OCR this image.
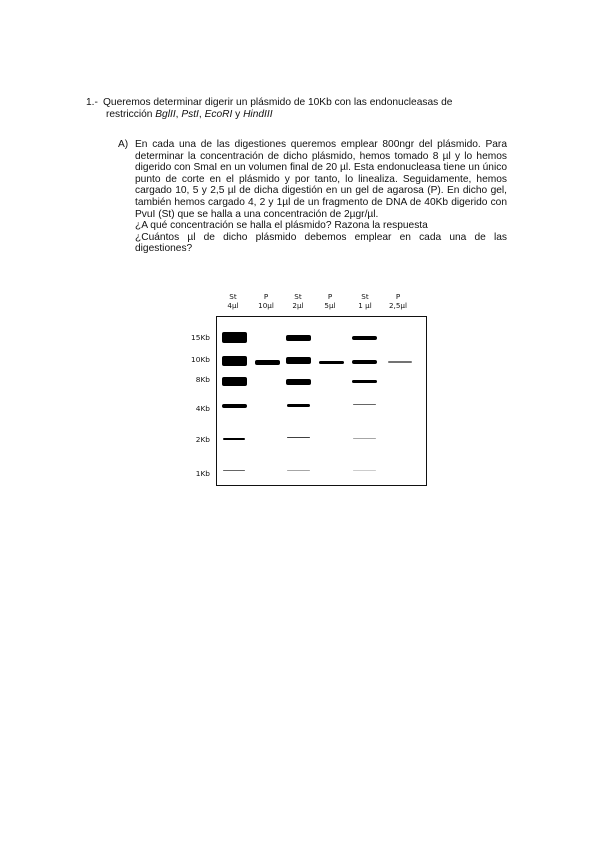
1.- Queremos determinar digerir un plásmido de 10Kb con las endonucleasas de
restricción BglII, PstI, EcoRI y HindIII
A) En cada una de las digestiones queremos emplear 800ngr del plásmido. Para determinar la concentración de dicho plásmido, hemos tomado 8 µl y lo hemos digerido con SmaI en un volumen final de 20 µl. Esta endonucleasa tiene un único punto de corte en el plásmido y por tanto, lo linealiza. Seguidamente, hemos cargado 10, 5 y 2,5 µl de dicha digestión en un gel de agarosa (P). En dicho gel, también hemos cargado 4, 2 y 1µl de un fragmento de DNA de 40Kb digerido con PvuI (St) que se halla a una concentración de 2µgr/µl.

¿A qué concentración se halla el plásmido? Razona la respuesta

¿Cuántos µl de dicho plásmido debemos emplear en cada una de las digestiones?

St
4µl
P
10µl
St
2µl
P
5µl
St
1 µl
P
2,5µl
15Kb
10Kb
8Kb
4Kb
2Kb
1Kb
